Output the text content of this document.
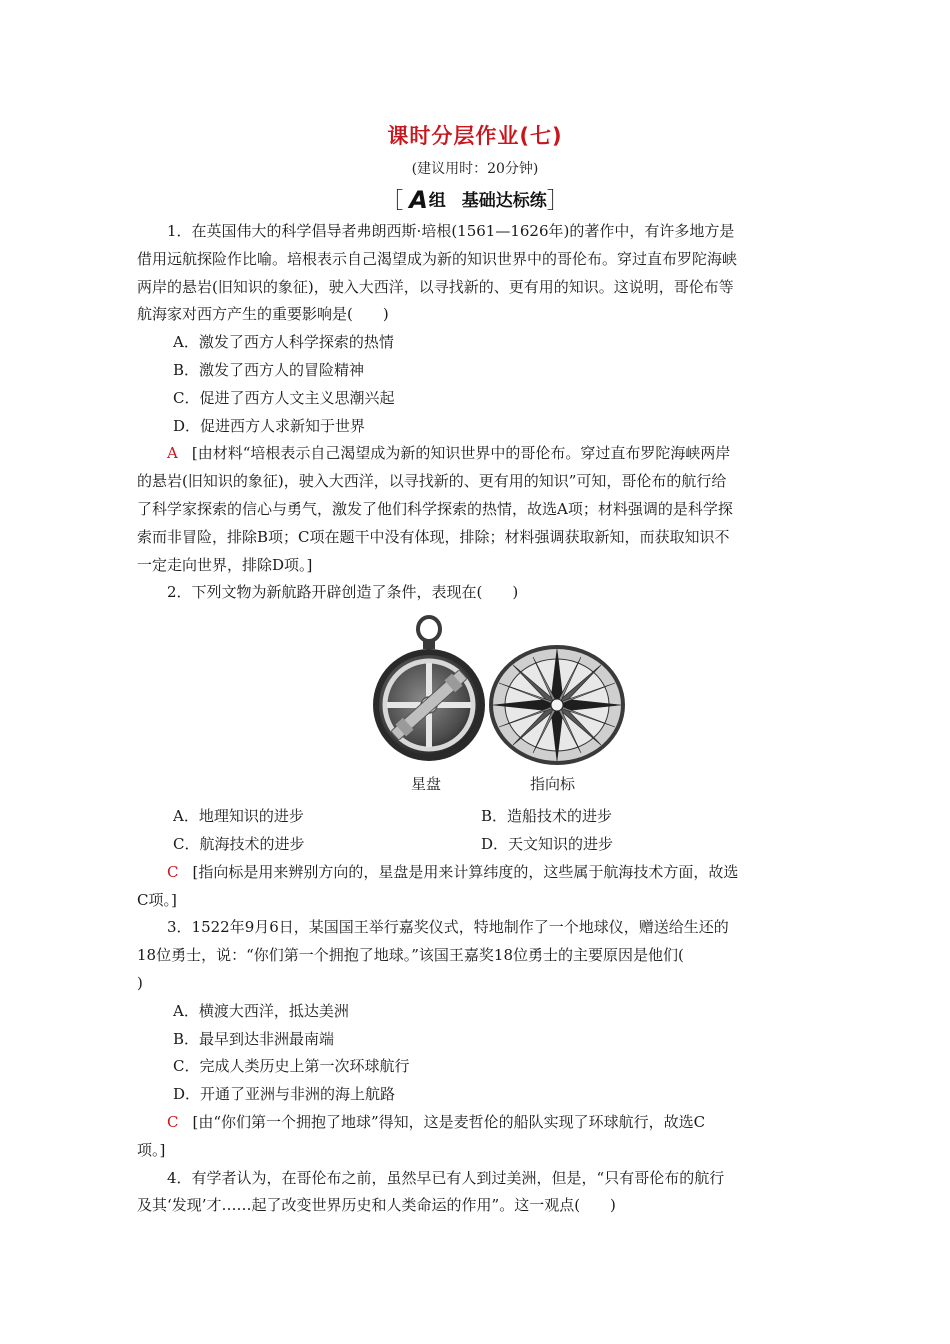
课时分层作业(七)
(建议用时：20分钟)
［ A 组 基础达标练］
1．在英国伟大的科学倡导者弗朗西斯·培根(1561—1626年)的著作中，有许多地方是
借用远航探险作比喻。培根表示自己渴望成为新的知识世界中的哥伦布。穿过直布罗陀海峡
两岸的悬岩(旧知识的象征)，驶入大西洋，以寻找新的、更有用的知识。这说明，哥伦布等
航海家对西方产生的重要影响是(　　)
A．激发了西方人科学探索的热情
B．激发了西方人的冒险精神
C．促进了西方人文主义思潮兴起
D．促进西方人求新知于世界
A [由材料“培根表示自己渴望成为新的知识世界中的哥伦布。穿过直布罗陀海峡两岸
的悬岩(旧知识的象征)，驶入大西洋，以寻找新的、更有用的知识”可知，哥伦布的航行给
了科学家探索的信心与勇气，激发了他们科学探索的热情，故选A项；材料强调的是科学探
索而非冒险，排除B项；C项在题干中没有体现，排除；材料强调获取新知，而获取知识不
一定走向世界，排除D项。]
2．下列文物为新航路开辟创造了条件，表现在(　　)
星盘	指向标
A．地理知识的进步	B．造船技术的进步
C．航海技术的进步	D．天文知识的进步
C [指向标是用来辨别方向的，星盘是用来计算纬度的，这些属于航海技术方面，故选
C项。]
3．1522年9月6日，某国国王举行嘉奖仪式，特地制作了一个地球仪，赠送给生还的
18位勇士，说：“你们第一个拥抱了地球。”该国王嘉奖18位勇士的主要原因是他们(
)
A．横渡大西洋，抵达美洲
B．最早到达非洲最南端
C．完成人类历史上第一次环球航行
D．开通了亚洲与非洲的海上航路
C [由“你们第一个拥抱了地球”得知，这是麦哲伦的船队实现了环球航行，故选C
项。]
4．有学者认为，在哥伦布之前，虽然早已有人到过美洲，但是，“只有哥伦布的航行
及其‘发现’才……起了改变世界历史和人类命运的作用”。这一观点(　　)
